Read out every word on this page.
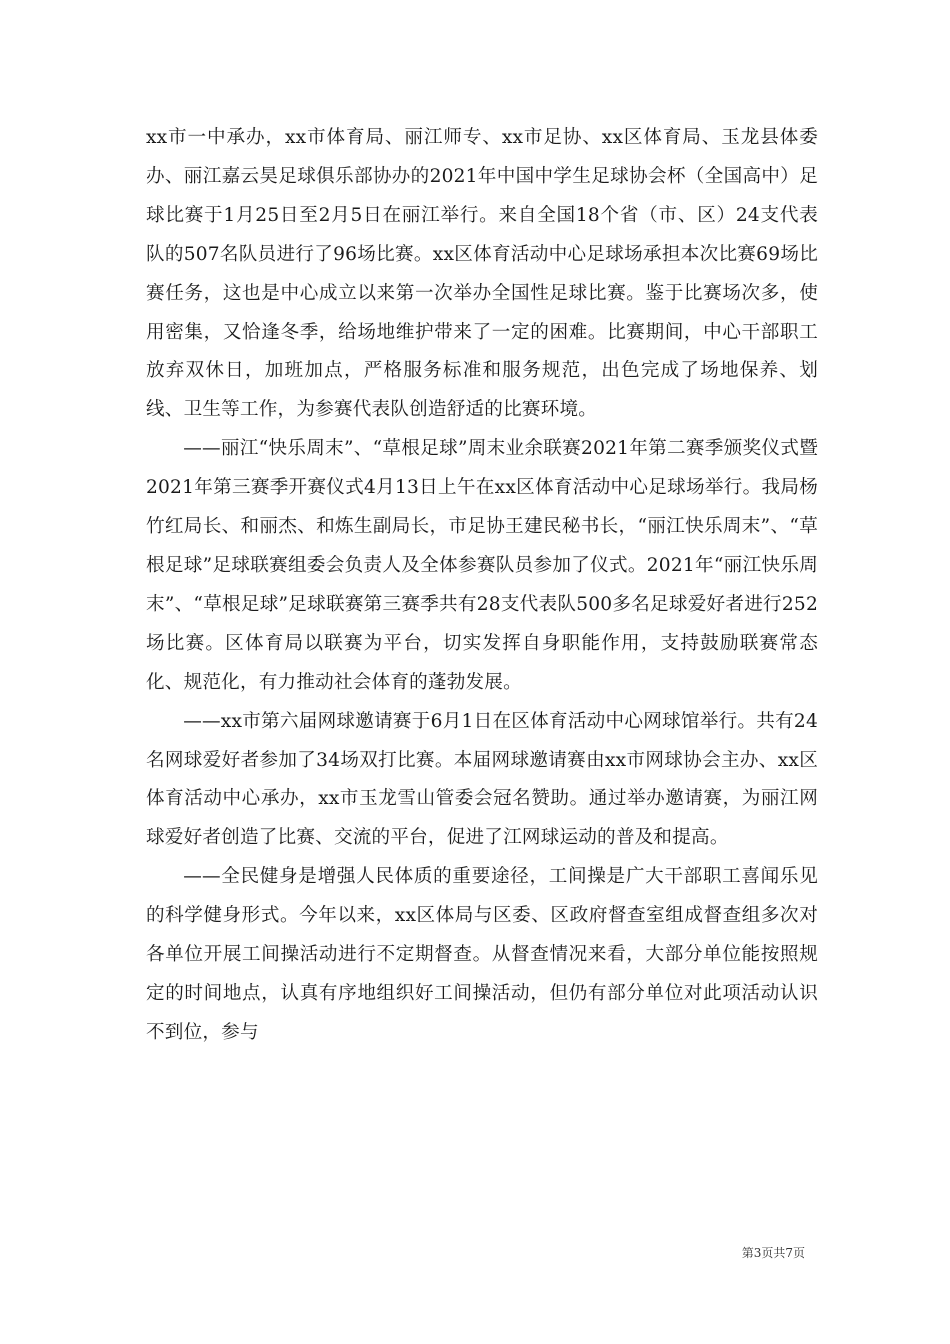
xx市一中承办，xx市体育局、丽江师专、xx市足协、xx区体育局、玉龙县体委办、丽江嘉云昊足球俱乐部协办的2021年中国中学生足球协会杯（全国高中）足球比赛于1月25日至2月5日在丽江举行。来自全国18个省（市、区）24支代表队的507名队员进行了96场比赛。xx区体育活动中心足球场承担本次比赛69场比赛任务，这也是中心成立以来第一次举办全国性足球比赛。鉴于比赛场次多，使用密集，又恰逢冬季，给场地维护带来了一定的困难。比赛期间，中心干部职工放弃双休日，加班加点，严格服务标准和服务规范，出色完成了场地保养、划线、卫生等工作，为参赛代表队创造舒适的比赛环境。

——丽江“快乐周末”、“草根足球”周末业余联赛2021年第二赛季颁奖仪式暨2021年第三赛季开赛仪式4月13日上午在xx区体育活动中心足球场举行。我局杨竹红局长、和丽杰、和炼生副局长，市足协王建民秘书长，“丽江快乐周末”、“草根足球”足球联赛组委会负责人及全体参赛队员参加了仪式。2021年“丽江快乐周末”、“草根足球”足球联赛第三赛季共有28支代表队500多名足球爱好者进行252场比赛。区体育局以联赛为平台，切实发挥自身职能作用，支持鼓励联赛常态化、规范化，有力推动社会体育的蓬勃发展。

——xx市第六届网球邀请赛于6月1日在区体育活动中心网球馆举行。共有24名网球爱好者参加了34场双打比赛。本届网球邀请赛由xx市网球协会主办、xx区体育活动中心承办，xx市玉龙雪山管委会冠名赞助。通过举办邀请赛，为丽江网球爱好者创造了比赛、交流的平台，促进了江网球运动的普及和提高。

——全民健身是增强人民体质的重要途径，工间操是广大干部职工喜闻乐见的科学健身形式。今年以来，xx区体局与区委、区政府督查室组成督查组多次对各单位开展工间操活动进行不定期督查。从督查情况来看，大部分单位能按照规定的时间地点，认真有序地组织好工间操活动，但仍有部分单位对此项活动认识不到位，参与

第3页共7页
